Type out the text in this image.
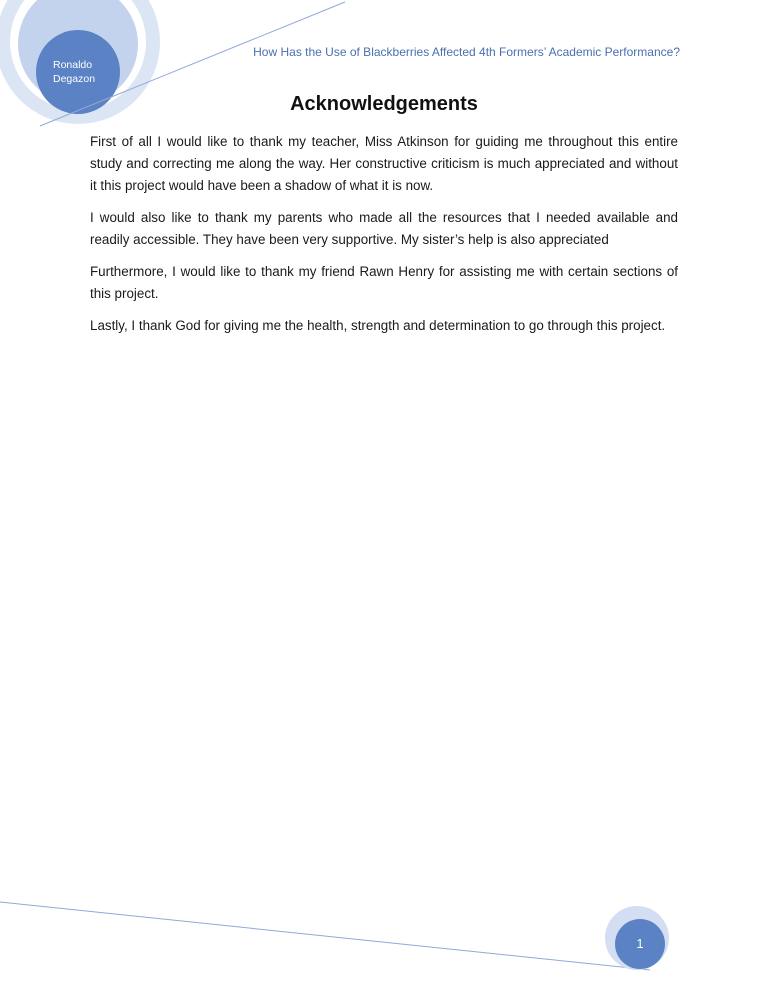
Ronaldo Degazon
How Has the Use of Blackberries Affected 4th Formers’ Academic Performance?
Acknowledgements

First of all I would like to thank my teacher, Miss Atkinson for guiding me throughout this entire study and correcting me along the way. Her constructive criticism is much appreciated and without it this project would have been a shadow of what it is now.

I would also like to thank my parents who made all the resources that I needed available and readily accessible. They have been very supportive. My sister’s help is also appreciated

Furthermore, I would like to thank my friend Rawn Henry for assisting me with certain sections of this project.

Lastly, I thank God for giving me the health, strength and determination to go through this project.

1
